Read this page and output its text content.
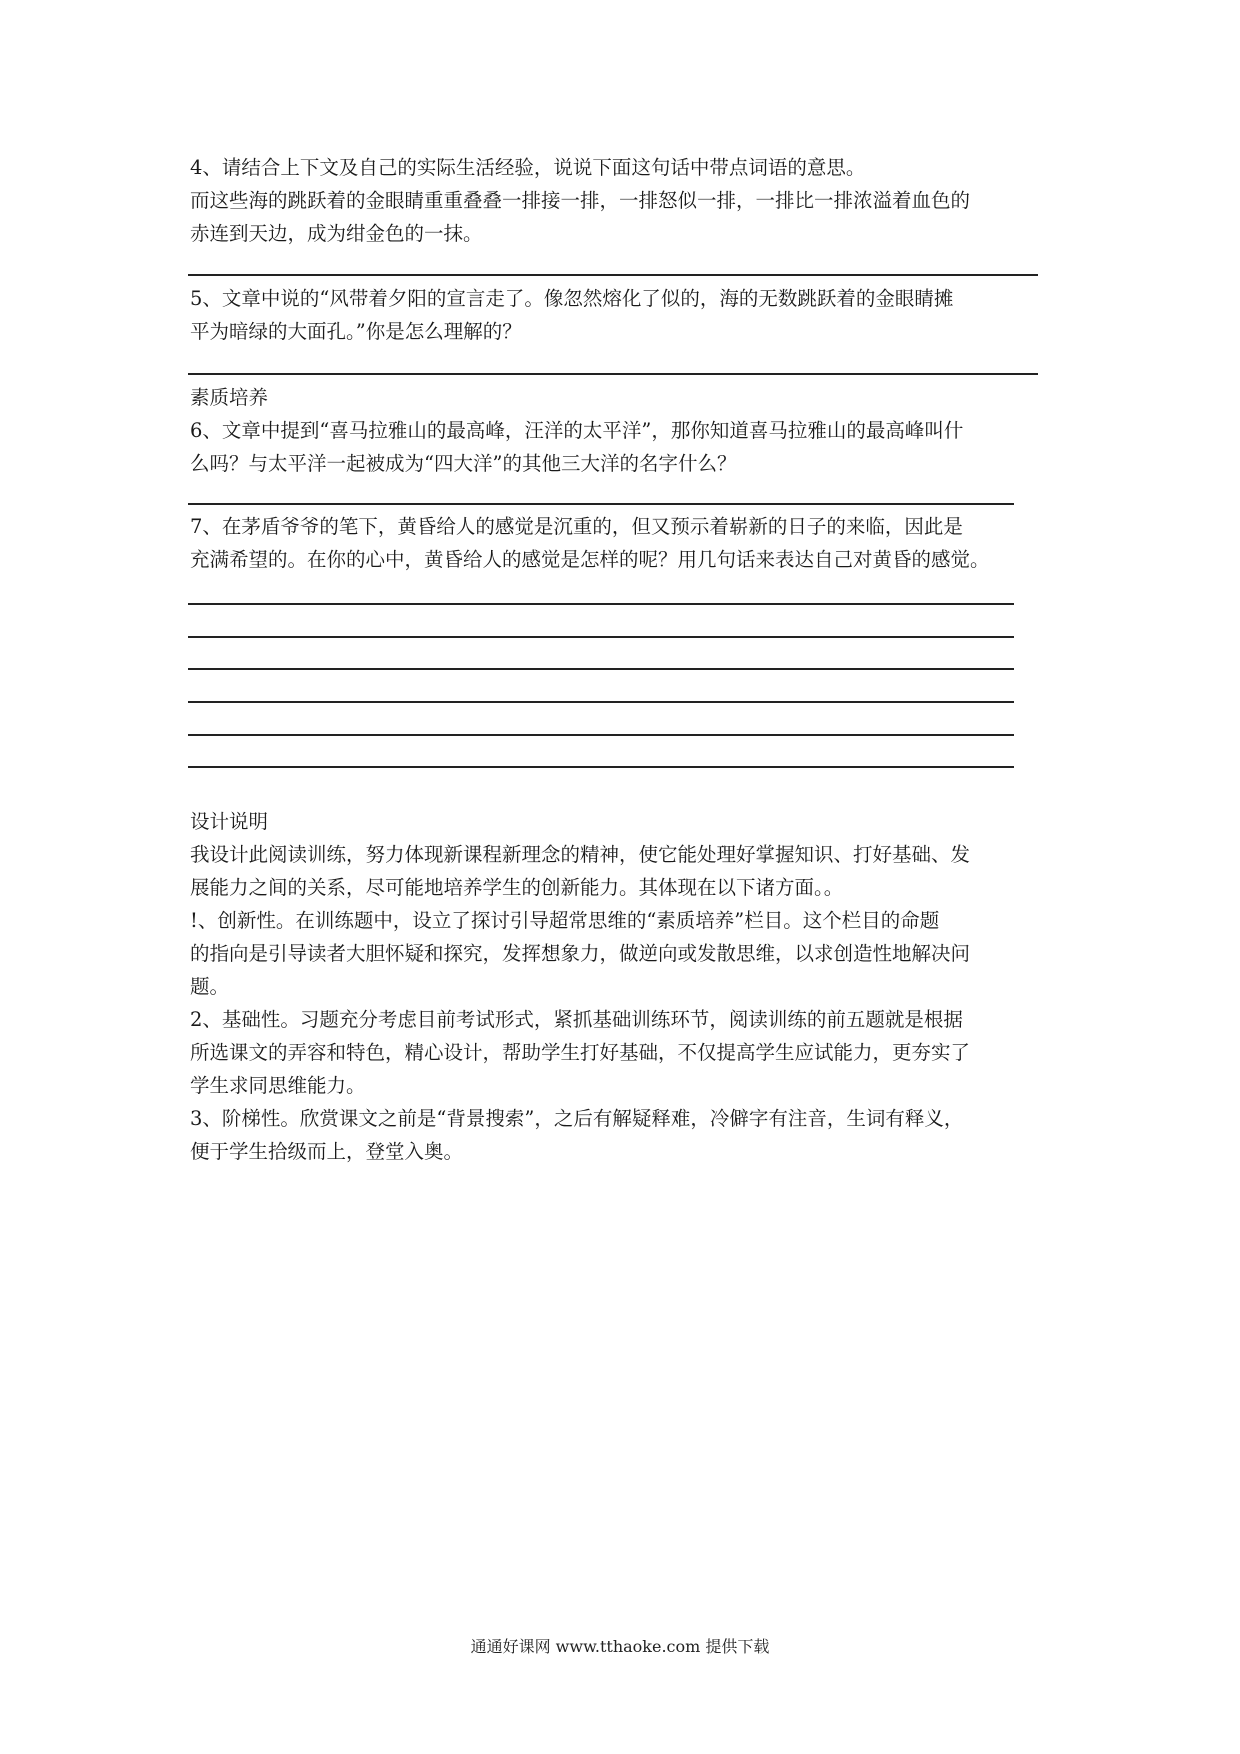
4、请结合上下文及自己的实际生活经验，说说下面这句话中带点词语的意思。

而这些海的跳跃着的金眼睛重重叠叠一排接一排，一排怒似一排，一排比一排浓溢着血色的

赤连到天边，成为绀金色的一抹。

5、文章中说的“风带着夕阳的宣言走了。像忽然熔化了似的，海的无数跳跃着的金眼睛摊

平为暗绿的大面孔。”你是怎么理解的？

素质培养

6、文章中提到“喜马拉雅山的最高峰，汪洋的太平洋”，那你知道喜马拉雅山的最高峰叫什

么吗？与太平洋一起被成为“四大洋”的其他三大洋的名字什么？

7、在茅盾爷爷的笔下，黄昏给人的感觉是沉重的，但又预示着崭新的日子的来临，因此是

充满希望的。在你的心中，黄昏给人的感觉是怎样的呢？用几句话来表达自己对黄昏的感觉。

设计说明

我设计此阅读训练，努力体现新课程新理念的精神，使它能处理好掌握知识、打好基础、发

展能力之间的关系，尽可能地培养学生的创新能力。其体现在以下诸方面。。

!、创新性。在训练题中，设立了探讨引导超常思维的“素质培养”栏目。这个栏目的命题

的指向是引导读者大胆怀疑和探究，发挥想象力，做逆向或发散思维，以求创造性地解决问

题。

2、基础性。习题充分考虑目前考试形式，紧抓基础训练环节，阅读训练的前五题就是根据

所选课文的弄容和特色，精心设计，帮助学生打好基础，不仅提高学生应试能力，更夯实了

学生求同思维能力。

3、阶梯性。欣赏课文之前是“背景搜索”，之后有解疑释难，冷僻字有注音，生词有释义，

便于学生拾级而上，登堂入奥。

通通好课网 www.tthaoke.com 提供下载
